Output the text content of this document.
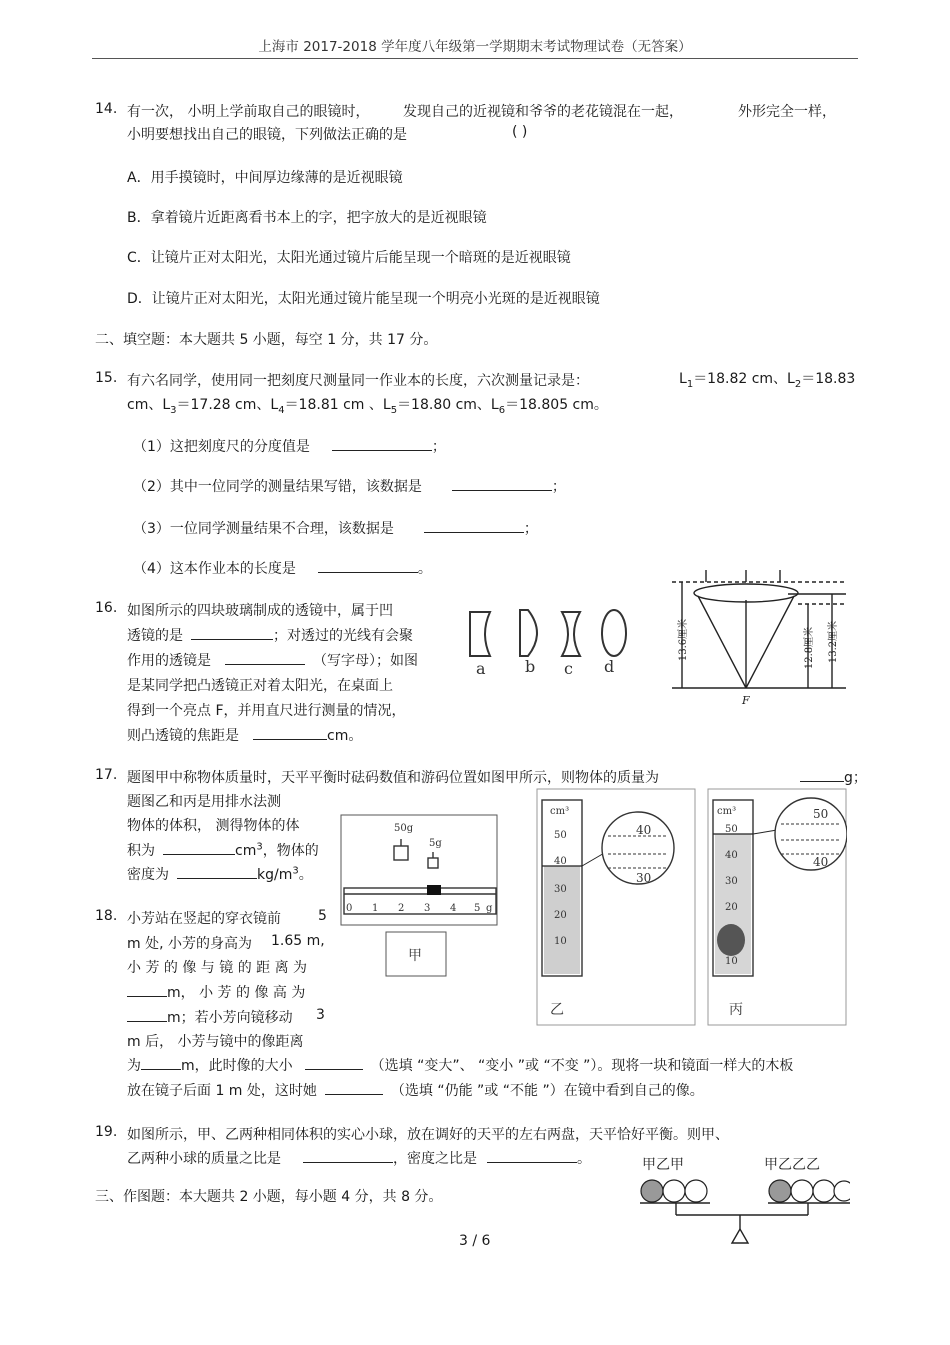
上海市 2017-2018 学年度八年级第一学期期末考试物理试卷（无答案）
14. 有一次， 小明上学前取自己的眼镜时， 发现自己的近视镜和爷爷的老花镜混在一起，	外形完全一样，
小明要想找出自己的眼镜，下列做法正确的是	( )
A．用手摸镜时，中间厚边缘薄的是近视眼镜
B．拿着镜片近距离看书本上的字，把字放大的是近视眼镜
C．让镜片正对太阳光，太阳光通过镜片后能呈现一个暗斑的是近视眼镜
D．让镜片正对太阳光，太阳光通过镜片能呈现一个明亮小光斑的是近视眼镜
二、填空题：本大题共 5 小题，每空 1 分，共 17 分。
15. 有六名同学，使用同一把刻度尺测量同一作业本的长度，六次测量记录是：	$L_1=18.82$ cm、$L_2=18.83$
cm、$L_3=17.28$ cm、$L_4=18.81$ cm 、$L_5=18.80$ cm、$L_6=18.805$ cm。
（1）这把刻度尺的分度值是	；
（2）其中一位同学的测量结果写错，该数据是	；
（3）一位同学测量结果不合理，该数据是	；
（4）这本作业本的长度是	。
16. 如图所示的四块玻璃制成的透镜中，属于凹
透镜的是	；对透过的光线有会聚
作用的透镜是	（写字母）；如图
是某同学把凸透镜正对着太阳光，在桌面上
得到一个亮点 F，并用直尺进行测量的情况，
则凸透镜的焦距是	cm。
a b c d
13.6厘米	12.8厘米 13.2厘米
F
17. 题图甲中称物体质量时，天平平衡时砝码数值和游码位置如图甲所示，则物体的质量为	g；
题图乙和丙是用排水法测
物体的体积， 测得物体的体
积为	$cm^3$，物体的
密度为	$kg/m^3$。
50g
5g
0 1 2 3 4 5 g
甲
cm³
50
40
30
20
10
40
30
乙
cm³
50
40
30
20
10
50
40
丙
18. 小芳站在竖起的穿衣镜前	5
m 处, 小芳的身高为 1.65 m,
小 芳 的 像 与 镜 的 距 离 为
m， 小 芳 的 像 高 为
m；若小芳向镜移动 3
m 后， 小芳与镜中的像距离
为	m，此时像的大小	（选填 “变大”、 “变小 ”或 “不变 ”）。现将一块和镜面一样大的木板
放在镜子后面 1 m 处，这时她	（选填 “仍能 ”或 “不能 ”）在镜中看到自己的像。
19. 如图所示，甲、乙两种相同体积的实心小球，放在调好的天平的左右两盘，天平恰好平衡。则甲、
乙两种小球的质量之比是	，密度之比是	。	甲乙甲	甲乙乙乙
三、作图题：本大题共 2 小题，每小题 4 分，共 8 分。
3 / 6
